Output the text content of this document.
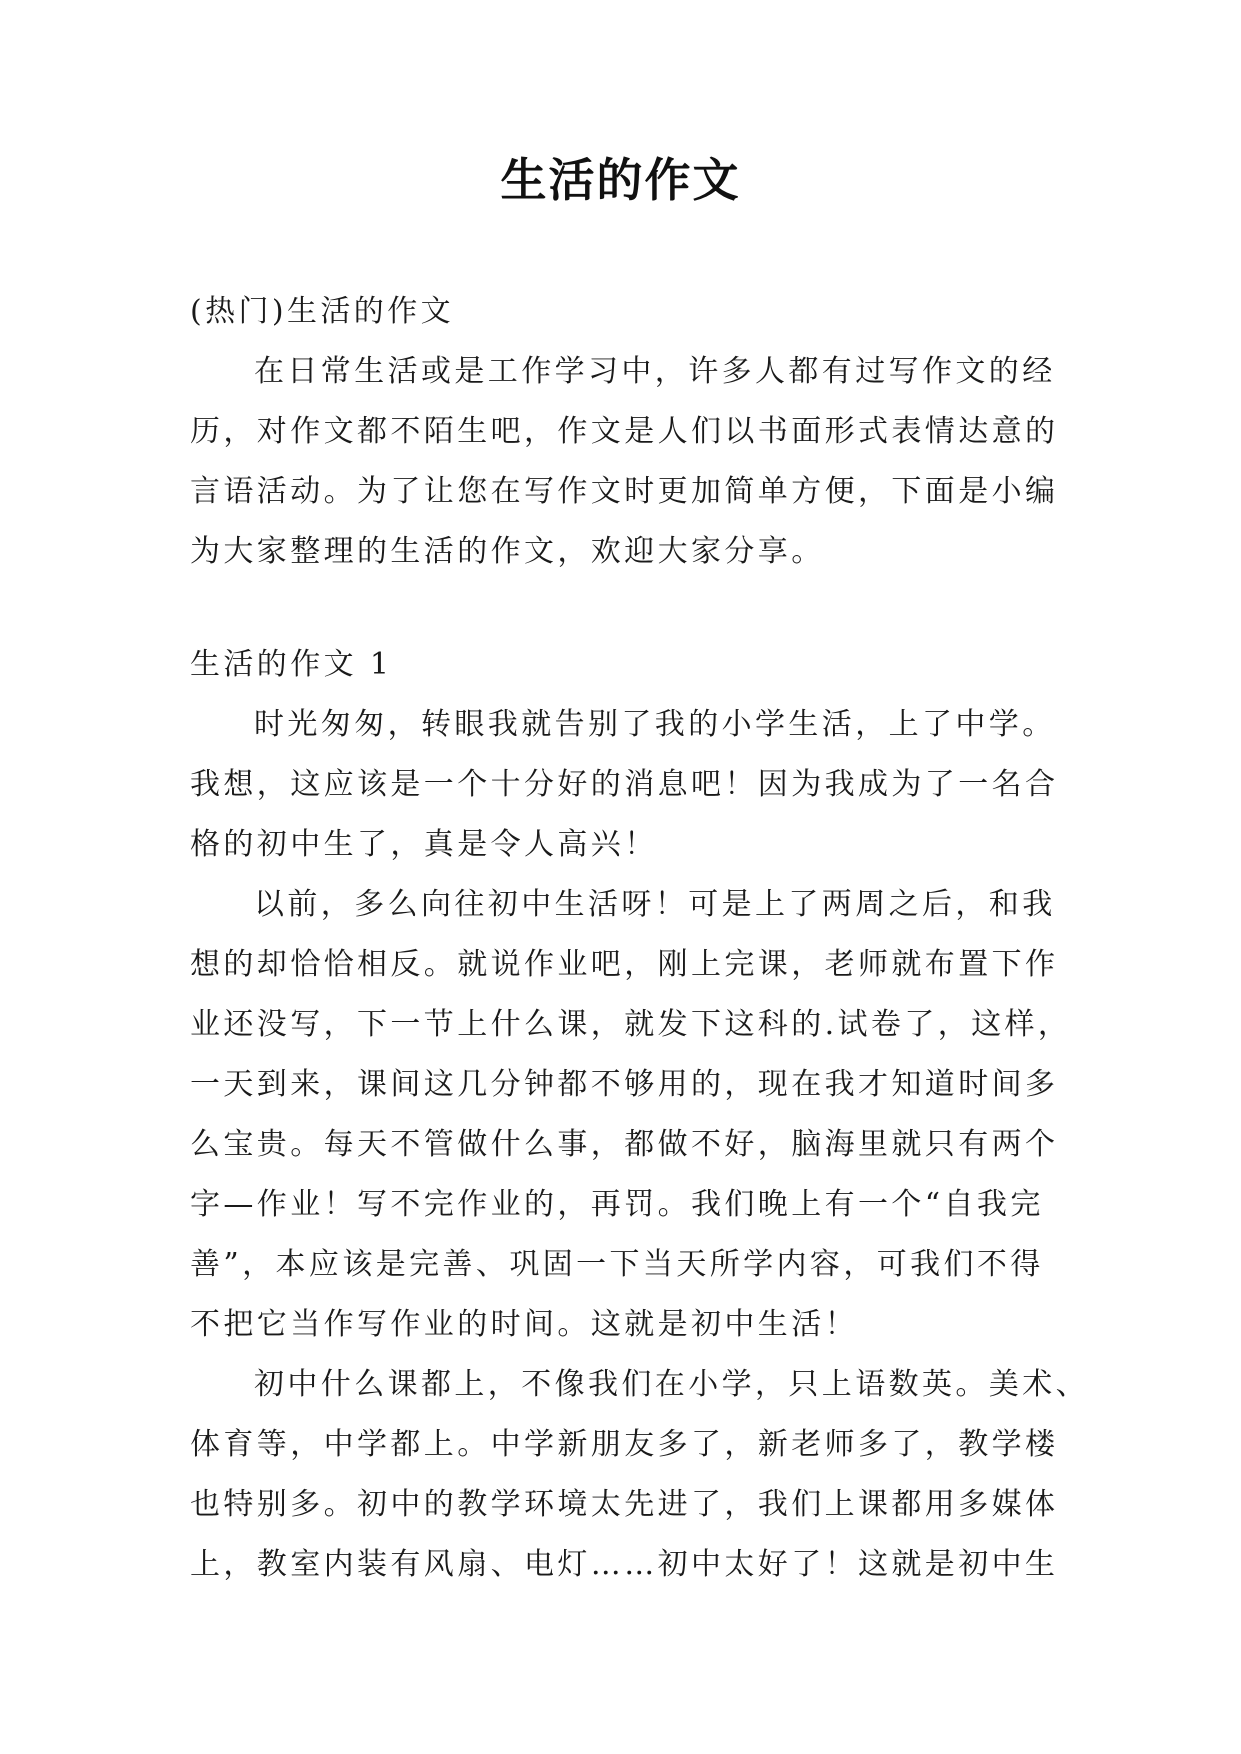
生活的作文
(热门)生活的作文
在日常生活或是工作学习中，许多人都有过写作文的经
历，对作文都不陌生吧，作文是人们以书面形式表情达意的
言语活动。为了让您在写作文时更加简单方便，下面是小编
为大家整理的生活的作文，欢迎大家分享。
生活的作文 1
时光匆匆，转眼我就告别了我的小学生活，上了中学。
我想，这应该是一个十分好的消息吧！因为我成为了一名合
格的初中生了，真是令人高兴！
以前，多么向往初中生活呀！可是上了两周之后，和我
想的却恰恰相反。就说作业吧，刚上完课，老师就布置下作
业还没写，下一节上什么课，就发下这科的.试卷了，这样，
一天到来，课间这几分钟都不够用的，现在我才知道时间多
么宝贵。每天不管做什么事，都做不好，脑海里就只有两个
字—作业！写不完作业的，再罚。我们晚上有一个“自我完
善”，本应该是完善、巩固一下当天所学内容，可我们不得
不把它当作写作业的时间。这就是初中生活！
初中什么课都上，不像我们在小学，只上语数英。美术、
体育等，中学都上。中学新朋友多了，新老师多了，教学楼
也特别多。初中的教学环境太先进了，我们上课都用多媒体
上，教室内装有风扇、电灯……初中太好了！这就是初中生
